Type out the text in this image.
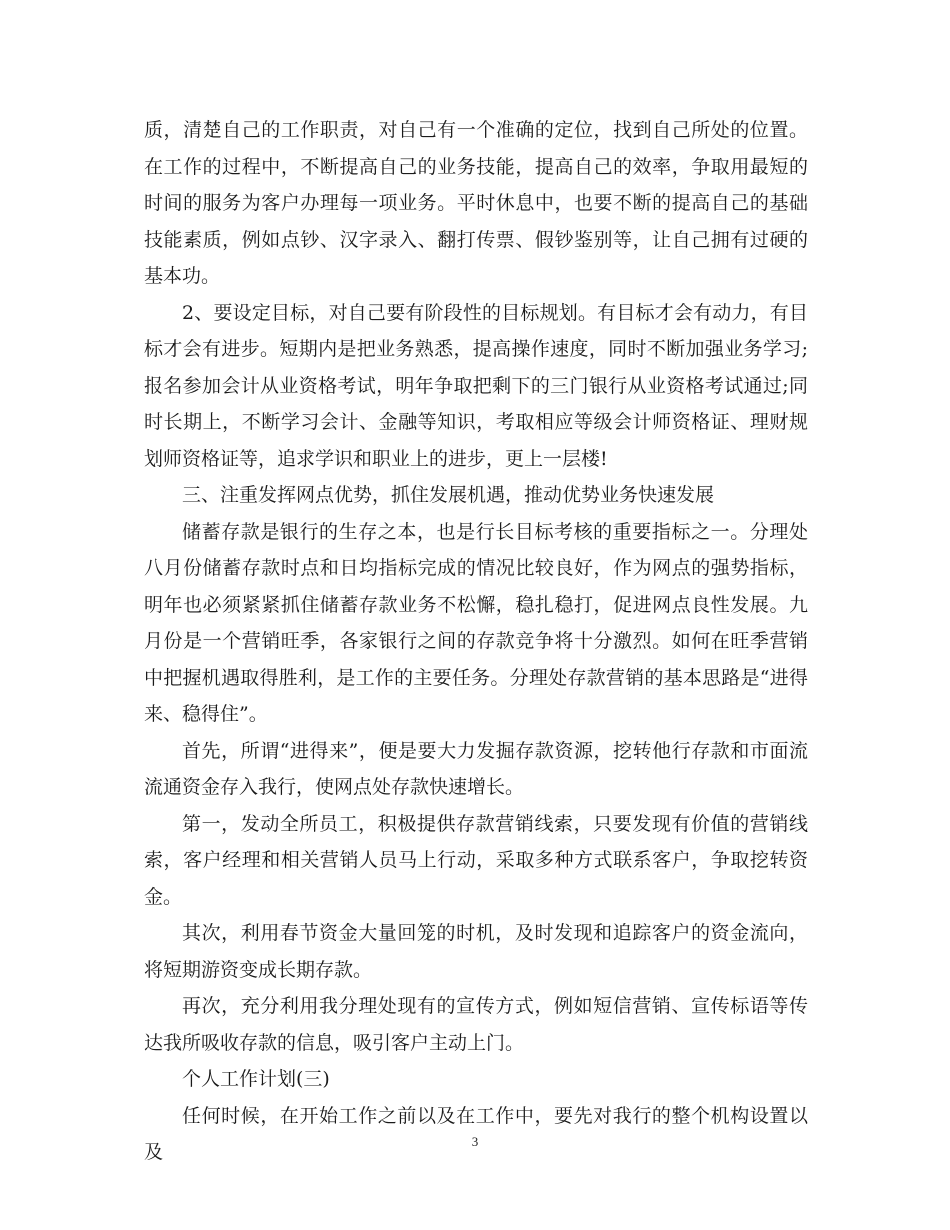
质，清楚自己的工作职责，对自己有一个准确的定位，找到自己所处的位置。在工作的过程中，不断提高自己的业务技能，提高自己的效率，争取用最短的时间的服务为客户办理每一项业务。平时休息中，也要不断的提高自己的基础技能素质，例如点钞、汉字录入、翻打传票、假钞鉴别等，让自己拥有过硬的基本功。

2、要设定目标，对自己要有阶段性的目标规划。有目标才会有动力，有目标才会有进步。短期内是把业务熟悉，提高操作速度，同时不断加强业务学习;报名参加会计从业资格考试，明年争取把剩下的三门银行从业资格考试通过;同时长期上，不断学习会计、金融等知识，考取相应等级会计师资格证、理财规划师资格证等，追求学识和职业上的进步，更上一层楼!

三、注重发挥网点优势，抓住发展机遇，推动优势业务快速发展

储蓄存款是银行的生存之本，也是行长目标考核的重要指标之一。分理处八月份储蓄存款时点和日均指标完成的情况比较良好，作为网点的强势指标，明年也必须紧紧抓住储蓄存款业务不松懈，稳扎稳打，促进网点良性发展。九月份是一个营销旺季，各家银行之间的存款竞争将十分激烈。如何在旺季营销中把握机遇取得胜利，是工作的主要任务。分理处存款营销的基本思路是“进得来、稳得住”。

首先，所谓“进得来”，便是要大力发掘存款资源，挖转他行存款和市面流流通资金存入我行，使网点处存款快速增长。

第一，发动全所员工，积极提供存款营销线索，只要发现有价值的营销线索，客户经理和相关营销人员马上行动，采取多种方式联系客户，争取挖转资金。

其次，利用春节资金大量回笼的时机，及时发现和追踪客户的资金流向，将短期游资变成长期存款。

再次，充分利用我分理处现有的宣传方式，例如短信营销、宣传标语等传达我所吸收存款的信息，吸引客户主动上门。

个人工作计划(三)

任何时候，在开始工作之前以及在工作中，要先对我行的整个机构设置以及	3
